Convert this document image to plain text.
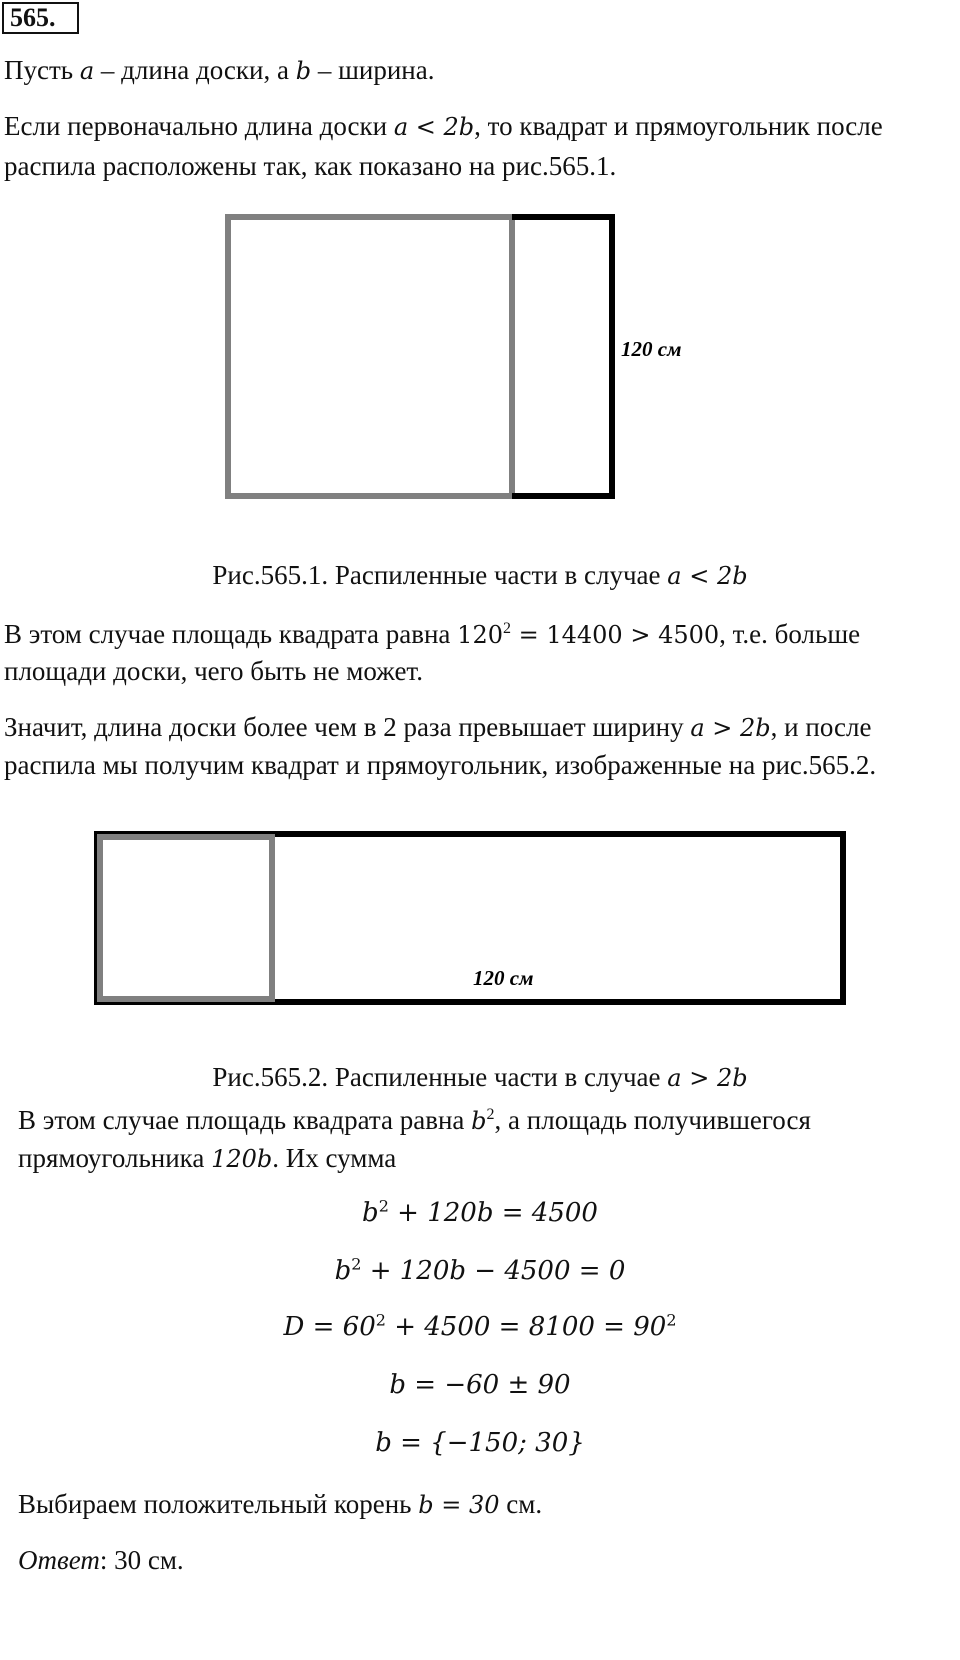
565.
Пусть a – длина доски, а b – ширина.
Если первоначально длина доски a < 2b, то квадрат и прямоугольник после
распила расположены так, как показано на рис.565.1.
120 см
120 см
Рис.565.1. Распиленные части в случае a < 2b
В этом случае площадь квадрата равна $120^2 = 14400 > 4500$, т.е. больше
площади доски, чего быть не может.
Значит, длина доски более чем в 2 раза превышает ширину a > 2b, и после
распила мы получим квадрат и прямоугольник, изображенные на рис.565.2.
Рис.565.2. Распиленные части в случае a > 2b
В этом случае площадь квадрата равна $b^2$, а площадь получившегося
прямоугольника 120b. Их сумма
$b^2 + 120b = 4500$
$b^2 + 120b - 4500 = 0$
$D = 60^2 + 4500 = 8100 = 90^2$
b = −60 ± 90
b = {−150; 30}
Выбираем положительный корень b = 30 см.
Ответ: 30 см.
